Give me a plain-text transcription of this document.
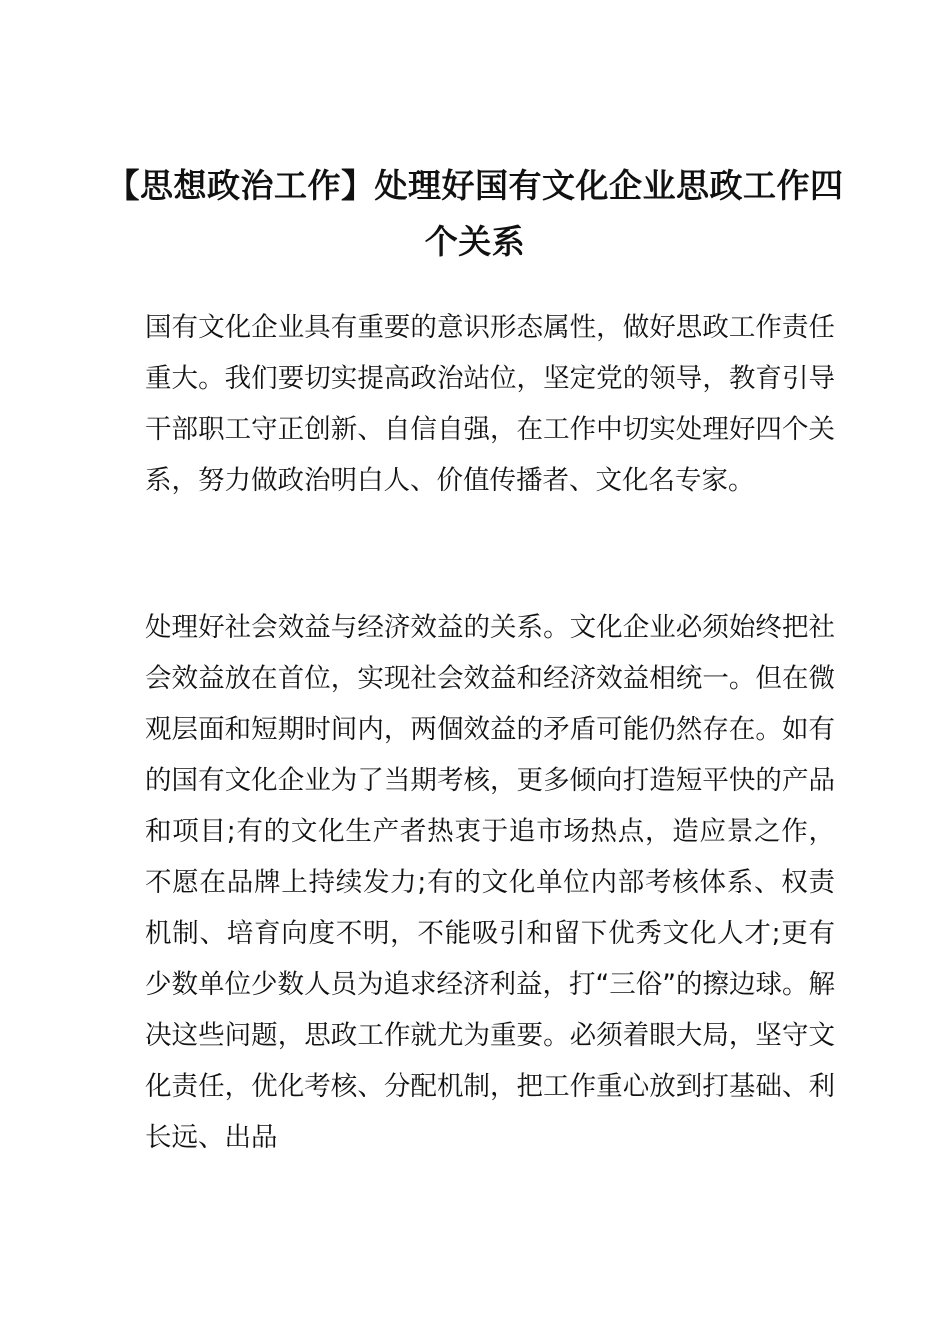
【思想政治工作】处理好国有文化企业思政工作四个关系

国有文化企业具有重要的意识形态属性，做好思政工作责任重大。我们要切实提高政治站位，坚定党的领导，教育引导干部职工守正创新、自信自强，在工作中切实处理好四个关系，努力做政治明白人、价值传播者、文化名专家。

处理好社会效益与经济效益的关系。文化企业必须始终把社会效益放在首位，实现社会效益和经济效益相统一。但在微观层面和短期时间内，两個效益的矛盾可能仍然存在。如有的国有文化企业为了当期考核，更多倾向打造短平快的产品和项目;有的文化生产者热衷于追市场热点，造应景之作，不愿在品牌上持续发力;有的文化单位内部考核体系、权责机制、培育向度不明，不能吸引和留下优秀文化人才;更有少数单位少数人员为追求经济利益，打“三俗”的擦边球。解决这些问题，思政工作就尤为重要。必须着眼大局，坚守文化责任，优化考核、分配机制，把工作重心放到打基础、利长远、出品
